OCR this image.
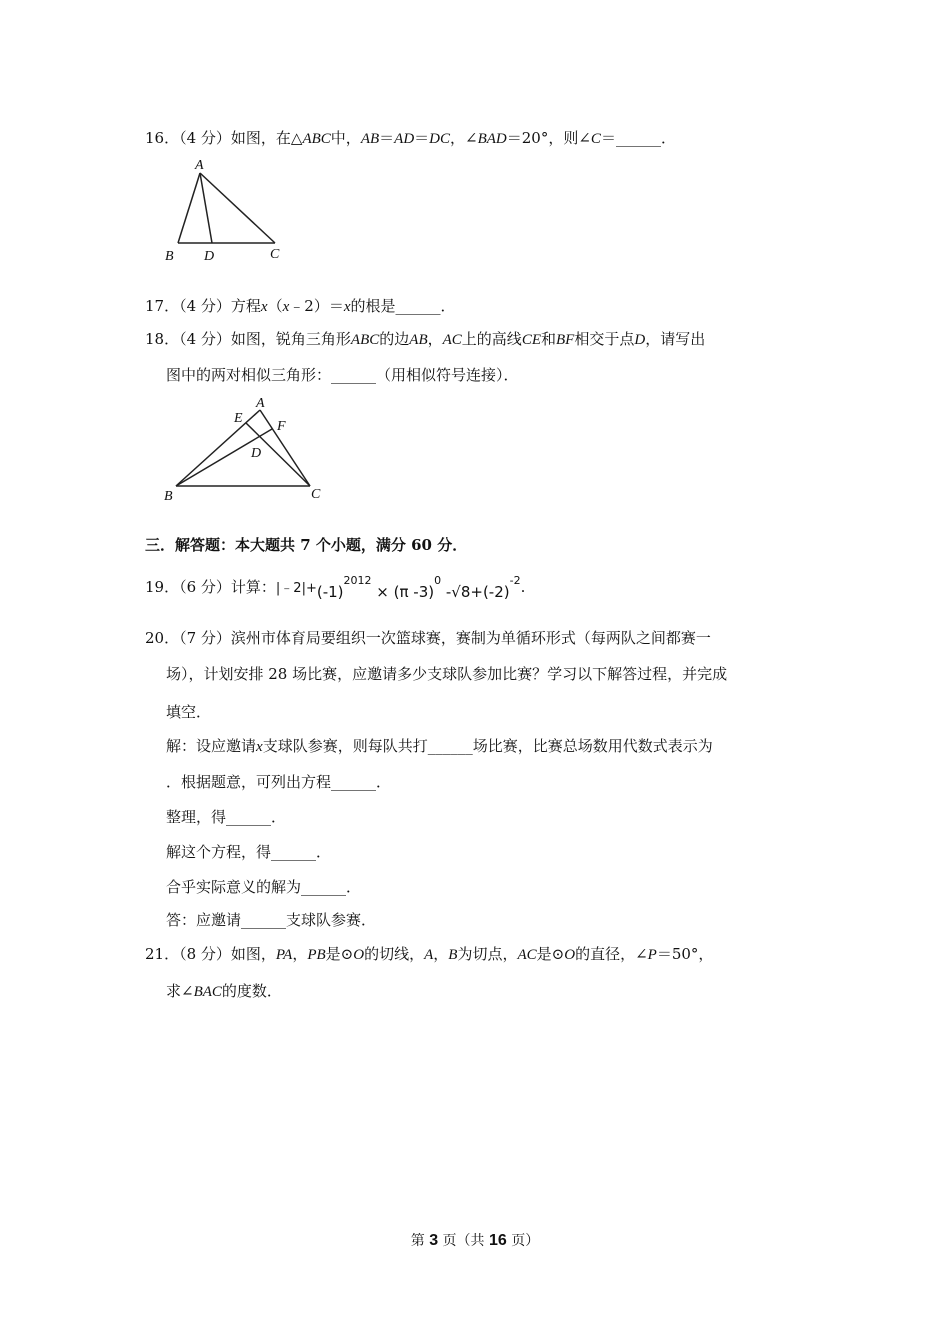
16．（4 分）如图，在△ABC中，AB＝AD＝DC，∠BAD＝20°，则∠C＝______．
A
B D	C
17．（4 分）方程x（x﹣2）＝x的根是______．
18．（4 分）如图，锐角三角形ABC的边AB，AC上的高线CE和BF相交于点D，请写出
图中的两对相似三角形：______（用相似符号连接）．
A
E
F
D
B	C
三．解答题：本大题共 7 个小题，满分 60 分．
19．（6 分）计算：$|﹣2|+(-1)^{2012} \times (\pi$ -3)$^0$ $-√8+(-2)^{-2}$.
20．（7 分）滨州市体育局要组织一次篮球赛，赛制为单循环形式（每两队之间都赛一
场），计划安排 28 场比赛，应邀请多少支球队参加比赛？学习以下解答过程，并完成
填空．
解：设应邀请x支球队参赛，则每队共打______场比赛，比赛总场数用代数式表示为
．根据题意，可列出方程______．
整理，得______．
解这个方程，得______．
合乎实际意义的解为______．
答：应邀请______支球队参赛．
21．（8 分）如图，PA，PB是⊙O的切线，A，B为切点，AC是⊙O的直径，∠P＝50°，
求∠BAC的度数．
第 3 页（共 16 页）
